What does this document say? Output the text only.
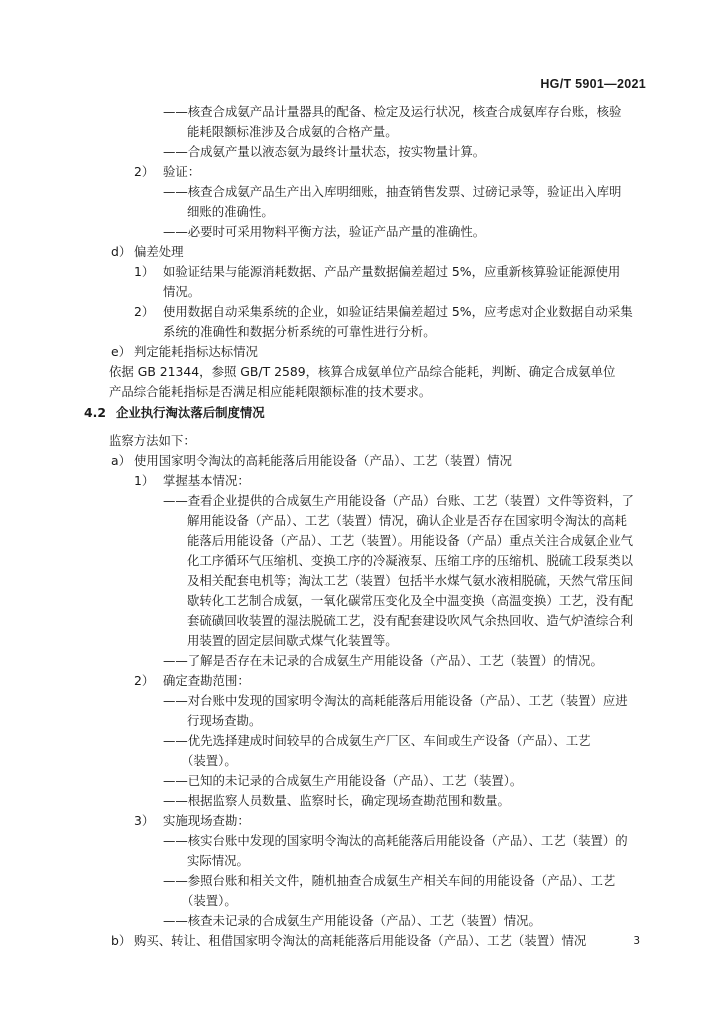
HG/T 5901—2021
——核查合成氨产品计量器具的配备、检定及运行状况，核查合成氨库存台账，核验
能耗限额标准涉及合成氨的合格产量。
——合成氨产量以液态氨为最终计量状态，按实物量计算。
2） 验证：
——核查合成氨产品生产出入库明细账，抽查销售发票、过磅记录等，验证出入库明
细账的准确性。
——必要时可采用物料平衡方法，验证产品产量的准确性。
d） 偏差处理
1） 如验证结果与能源消耗数据、产品产量数据偏差超过 5%，应重新核算验证能源使用
情况。
2） 使用数据自动采集系统的企业，如验证结果偏差超过 5%，应考虑对企业数据自动采集
系统的准确性和数据分析系统的可靠性进行分析。
e） 判定能耗指标达标情况
依据 GB 21344，参照 GB/T 2589，核算合成氨单位产品综合能耗，判断、确定合成氨单位
产品综合能耗指标是否满足相应能耗限额标准的技术要求。
4.2 企业执行淘汰落后制度情况
监察方法如下：
a） 使用国家明令淘汰的高耗能落后用能设备（产品）、工艺（装置）情况
1） 掌握基本情况：
——查看企业提供的合成氨生产用能设备（产品）台账、工艺（装置）文件等资料，了
解用能设备（产品）、工艺（装置）情况，确认企业是否存在国家明令淘汰的高耗
能落后用能设备（产品）、工艺（装置）。用能设备（产品）重点关注合成氨企业气
化工序循环气压缩机、变换工序的冷凝液泵、压缩工序的压缩机、脱硫工段泵类以
及相关配套电机等；淘汰工艺（装置）包括半水煤气氨水液相脱硫，天然气常压间
歇转化工艺制合成氨，一氧化碳常压变化及全中温变换（高温变换）工艺，没有配
套硫磺回收装置的湿法脱硫工艺，没有配套建设吹风气余热回收、造气炉渣综合利
用装置的固定层间歇式煤气化装置等。
——了解是否存在未记录的合成氨生产用能设备（产品）、工艺（装置）的情况。
2） 确定查勘范围：
——对台账中发现的国家明令淘汰的高耗能落后用能设备（产品）、工艺（装置）应进
行现场查勘。
——优先选择建成时间较早的合成氨生产厂区、车间或生产设备（产品）、工艺
（装置）。
——已知的未记录的合成氨生产用能设备（产品）、工艺（装置）。
——根据监察人员数量、监察时长，确定现场查勘范围和数量。
3） 实施现场查勘：
——核实台账中发现的国家明令淘汰的高耗能落后用能设备（产品）、工艺（装置）的
实际情况。
——参照台账和相关文件，随机抽查合成氨生产相关车间的用能设备（产品）、工艺
（装置）。
——核查未记录的合成氨生产用能设备（产品）、工艺（装置）情况。
b） 购买、转让、租借国家明令淘汰的高耗能落后用能设备（产品）、工艺（装置）情况	3
